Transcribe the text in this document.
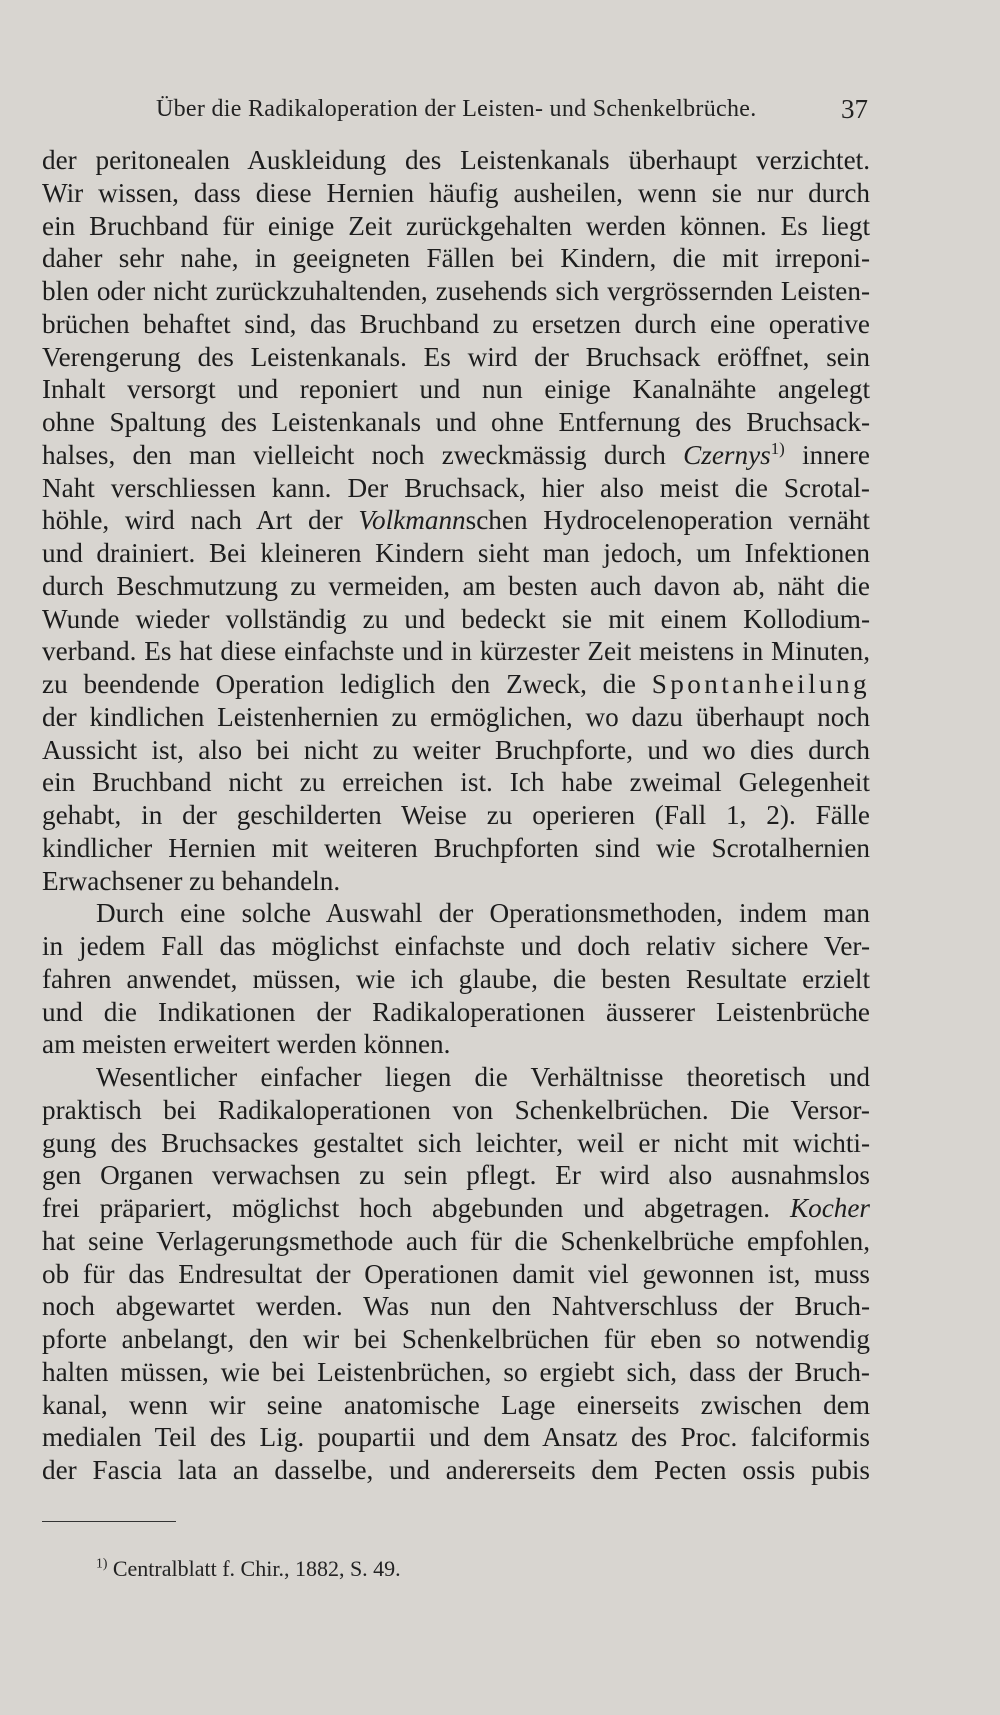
Über die Radikaloperation der Leisten- und Schenkelbrüche.	37
der peritonealen Auskleidung des Leistenkanals überhaupt verzichtet.
Wir wissen, dass diese Hernien häufig ausheilen, wenn sie nur durch
ein Bruchband für einige Zeit zurückgehalten werden können. Es liegt
daher sehr nahe, in geeigneten Fällen bei Kindern, die mit irreponi-
blen oder nicht zurückzuhaltenden, zusehends sich vergrössernden Leisten-
brüchen behaftet sind, das Bruchband zu ersetzen durch eine operative
Verengerung des Leistenkanals. Es wird der Bruchsack eröffnet, sein
Inhalt versorgt und reponiert und nun einige Kanalnähte angelegt
ohne Spaltung des Leistenkanals und ohne Entfernung des Bruchsack-
halses, den man vielleicht noch zweckmässig durch Czernys$^{1)}$ innere
Naht verschliessen kann. Der Bruchsack, hier also meist die Scrotal-
höhle, wird nach Art der Volkmannschen Hydrocelenoperation vernäht
und drainiert. Bei kleineren Kindern sieht man jedoch, um Infektionen
durch Beschmutzung zu vermeiden, am besten auch davon ab, näht die
Wunde wieder vollständig zu und bedeckt sie mit einem Kollodium-
verband. Es hat diese einfachste und in kürzester Zeit meistens in Minuten,
zu beendende Operation lediglich den Zweck, die Spontanheilung
der kindlichen Leistenhernien zu ermöglichen, wo dazu überhaupt noch
Aussicht ist, also bei nicht zu weiter Bruchpforte, und wo dies durch
ein Bruchband nicht zu erreichen ist. Ich habe zweimal Gelegenheit
gehabt, in der geschilderten Weise zu operieren (Fall 1, 2). Fälle
kindlicher Hernien mit weiteren Bruchpforten sind wie Scrotalhernien
Erwachsener zu behandeln.
Durch eine solche Auswahl der Operationsmethoden, indem man
in jedem Fall das möglichst einfachste und doch relativ sichere Ver-
fahren anwendet, müssen, wie ich glaube, die besten Resultate erzielt
und die Indikationen der Radikaloperationen äusserer Leistenbrüche
am meisten erweitert werden können.
Wesentlicher einfacher liegen die Verhältnisse theoretisch und
praktisch bei Radikaloperationen von Schenkelbrüchen. Die Versor-
gung des Bruchsackes gestaltet sich leichter, weil er nicht mit wichti-
gen Organen verwachsen zu sein pflegt. Er wird also ausnahmslos
frei präpariert, möglichst hoch abgebunden und abgetragen. Kocher
hat seine Verlagerungsmethode auch für die Schenkelbrüche empfohlen,
ob für das Endresultat der Operationen damit viel gewonnen ist, muss
noch abgewartet werden. Was nun den Nahtverschluss der Bruch-
pforte anbelangt, den wir bei Schenkelbrüchen für eben so notwendig
halten müssen, wie bei Leistenbrüchen, so ergiebt sich, dass der Bruch-
kanal, wenn wir seine anatomische Lage einerseits zwischen dem
medialen Teil des Lig. poupartii und dem Ansatz des Proc. falciformis
der Fascia lata an dasselbe, und andererseits dem Pecten ossis pubis
$^{1)}$ Centralblatt f. Chir., 1882, S. 49.
